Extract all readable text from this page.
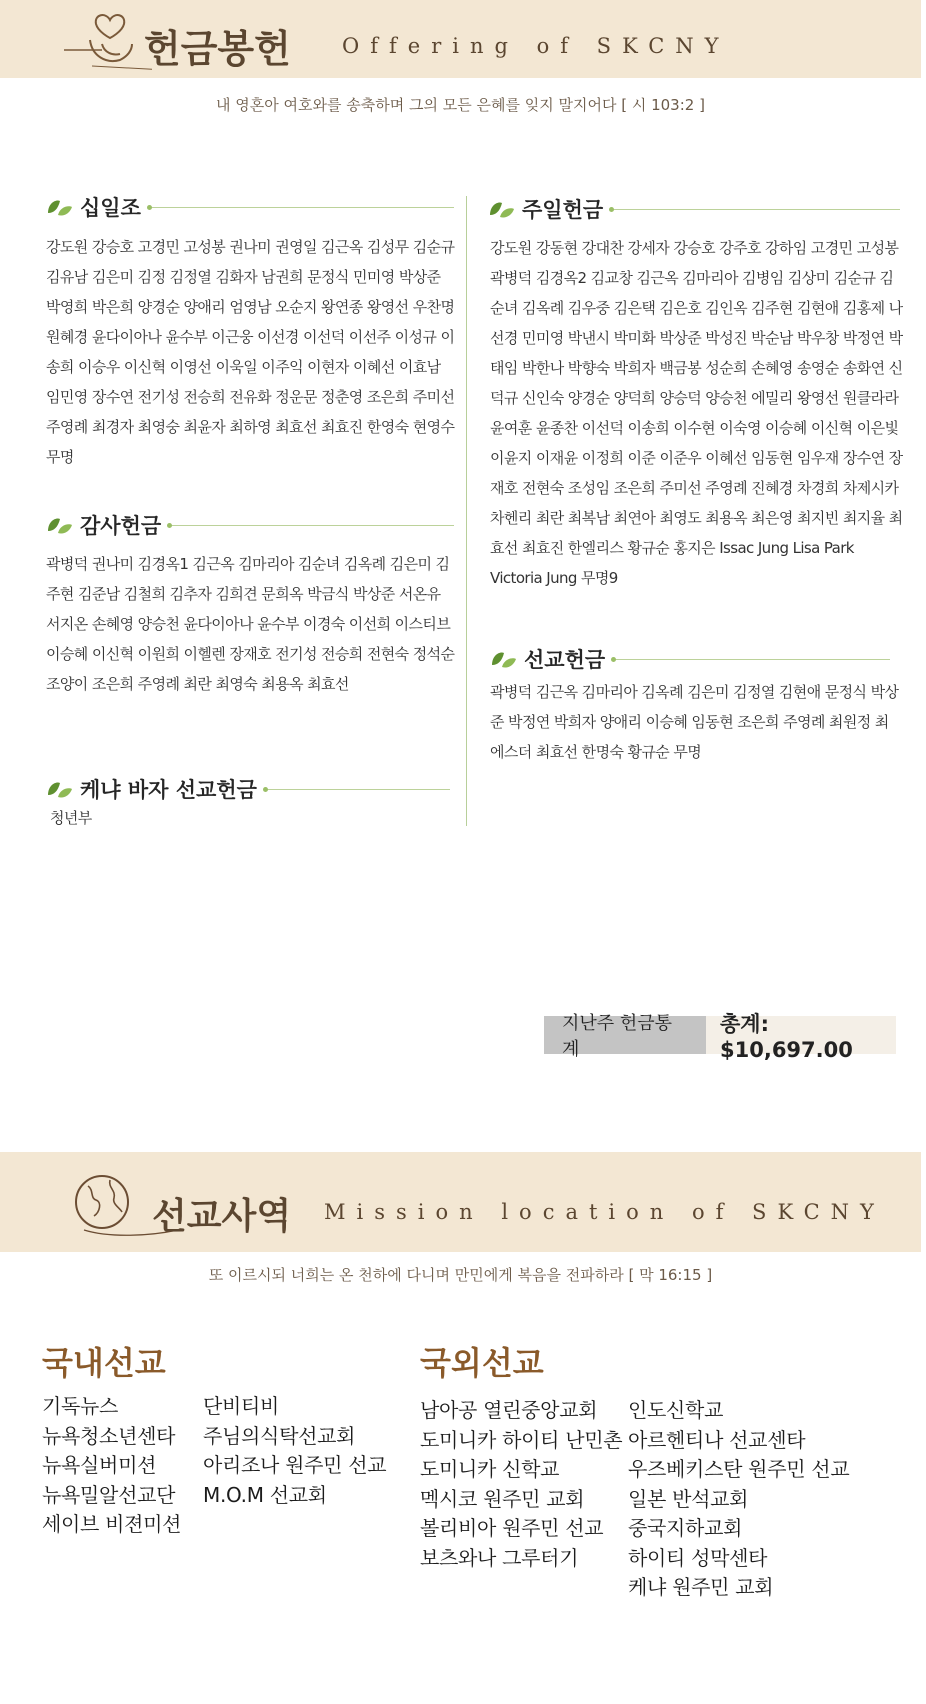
헌금봉헌 Offering of SKCNY
내 영혼아 여호와를 송축하며 그의 모든 은혜를 잊지 말지어다 [ 시 103:2 ]
십일조
강도원 강승호 고경민 고성봉 권나미 권영일 김근옥 김성무 김순규 김유남 김은미 김정 김정열 김화자 남권희 문정식 민미영 박상준 박영희 박은희 양경순 양애리 엄영남 오순지 왕연종 왕영선 우찬명 원혜경 윤다이아나 윤수부 이근웅 이선경 이선덕 이선주 이성규 이송희 이승우 이신혁 이영선 이욱일 이주익 이현자 이혜선 이효남 임민영 장수연 전기성 전승희 전유화 정운문 정춘영 조은희 주미선 주영례 최경자 최영숭 최윤자 최하영 최효선 최효진 한영숙 현영수 무명
감사헌금
곽병덕 권나미 김경옥1 김근옥 김마리아 김순녀 김옥례 김은미 김주현 김준남 김철희 김추자 김희견 문희옥 박금식 박상준 서온유 서지온 손혜영 양승천 윤다이아나 윤수부 이경숙 이선희 이스티브 이승혜 이신혁 이원희 이헬렌 장재호 전기성 전승희 전현숙 정석순 조양이 조은희 주영례 최란 최영숙 최용옥 최효선
케냐 바자 선교헌금
청년부
주일헌금
강도원 강동현 강대찬 강세자 강승호 강주호 강하임 고경민 고성봉 곽병덕 김경옥2 김교창 김근옥 김마리아 김병임 김상미 김순규 김순녀 김옥례 김우중 김은택 김은호 김인옥 김주현 김현애 김홍제 나선경 민미영 박낸시 박미화 박상준 박성진 박순남 박우창 박정연 박태임 박한나 박향숙 박희자 백금봉 성순희 손혜영 송영순 송화연 신덕규 신인숙 양경순 양덕희 양승덕 양승천 에밀리 왕영선 원클라라 윤여훈 윤종찬 이선덕 이송희 이수현 이숙영 이승혜 이신혁 이은빛 이윤지 이재윤 이정희 이준 이준우 이혜선 임동현 임우재 장수연 장재호 전현숙 조성임 조은희 주미선 주영례 진혜경 차경희 차제시카 차헨리 최란 최복남 최연아 최영도 최용옥 최은영 최지빈 최지율 최효선 최효진 한엘리스 황규순 홍지은 Issac Jung Lisa Park Victoria Jung 무명9
선교헌금
곽병덕 김근옥 김마리아 김옥례 김은미 김정열 김현애 문정식 박상준 박정연 박희자 양애리 이승혜 임동현 조은희 주영례 최원정 최에스더 최효선 한명숙 황규순 무명
지난주 헌금통계
총계: $10,697.00
선교사역 Mission location of SKCNY
또 이르시되 너희는 온 천하에 다니며 만민에게 복음을 전파하라 [ 막 16:15 ]
국내선교
기독뉴스
뉴욕청소년센타
뉴욕실버미션
뉴욕밀알선교단
세이브 비젼미션
단비티비
주님의식탁선교회
아리조나 원주민 선교
M.O.M 선교회
국외선교
남아공 열린중앙교회
도미니카 하이티 난민촌
도미니카 신학교
멕시코 원주민 교회
볼리비아 원주민 선교
보츠와나 그루터기
인도신학교
아르헨티나 선교센타
우즈베키스탄 원주민 선교
일본 반석교회
중국지하교회
하이티 성막센타
케냐 원주민 교회
